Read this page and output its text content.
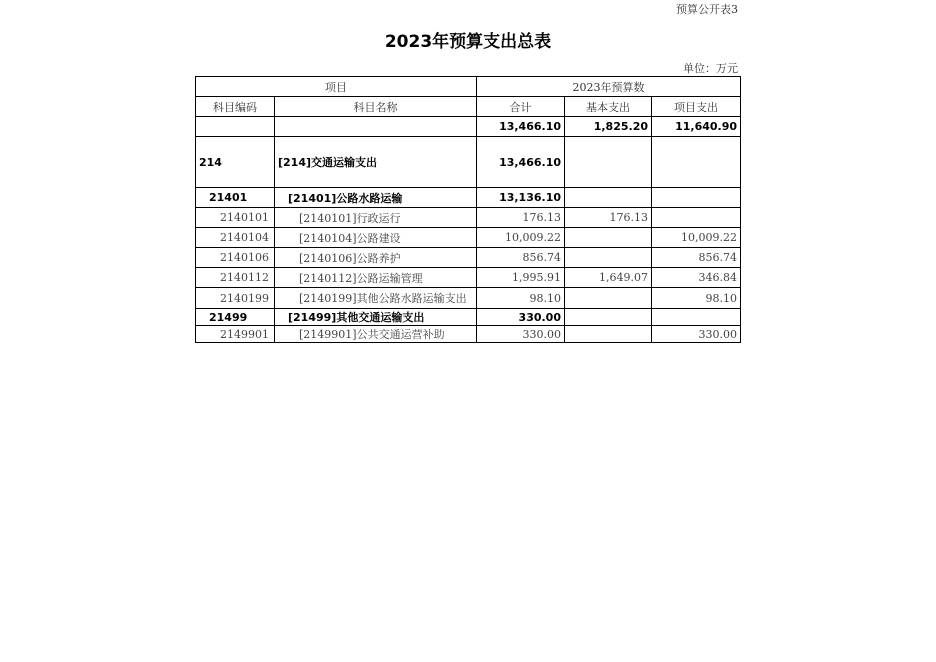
预算公开表3
2023年预算支出总表
单位：万元
项目		2023年预算数		
科目编码	科目名称	合计	基本支出	项目支出
		13,466.10	1,825.20	11,640.90
214	[214]交通运输支出	13,466.10		
21401	[21401]公路水路运输	13,136.10		
2140101	[2140101]行政运行	176.13	176.13	
2140104	[2140104]公路建设	10,009.22		10,009.22
2140106	[2140106]公路养护	856.74		856.74
2140112	[2140112]公路运输管理	1,995.91	1,649.07	346.84
2140199	[2140199]其他公路水路运输支出	98.10		98.10
21499	[21499]其他交通运输支出	330.00		
2149901	[2149901]公共交通运营补助	330.00		330.00
